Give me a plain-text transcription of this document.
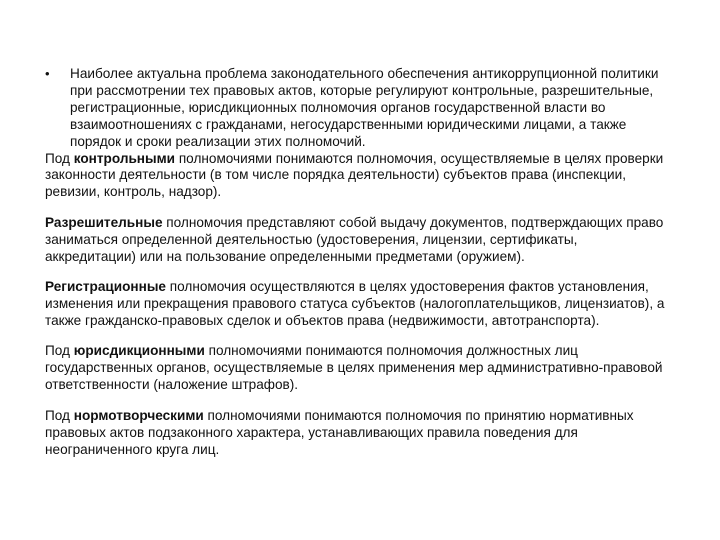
•	Наиболее актуальна проблема законодательного обеспечения антикоррупционной политики при рассмотрении тех правовых актов, которые регулируют контрольные, разрешительные, регистрационные, юрисдикционных полномочия органов государственной власти во взаимоотношениях с гражданами, негосударственными юридическими лицами, а также порядок и сроки реализации этих полномочий.

Под контрольными полномочиями понимаются полномочия, осуществляемые в целях проверки законности деятельности (в том числе порядка деятельности) субъектов права (инспекции, ревизии, контроль, надзор).

Разрешительные полномочия представляют собой выдачу документов, подтверждающих право заниматься определенной деятельностью (удостоверения, лицензии, сертификаты, аккредитации) или на пользование определенными предметами (оружием).

Регистрационные полномочия осуществляются в целях удостоверения фактов установления, изменения или прекращения правового статуса субъектов (налогоплательщиков, лицензиатов), а также гражданско-правовых сделок и объектов права (недвижимости, автотранспорта).

Под юрисдикционными полномочиями понимаются полномочия должностных лиц государственных органов, осуществляемые в целях применения мер административно-правовой ответственности (наложение штрафов).

Под нормотворческими полномочиями понимаются полномочия по принятию нормативных правовых актов подзаконного характера, устанавливающих правила поведения для неограниченного круга лиц.
